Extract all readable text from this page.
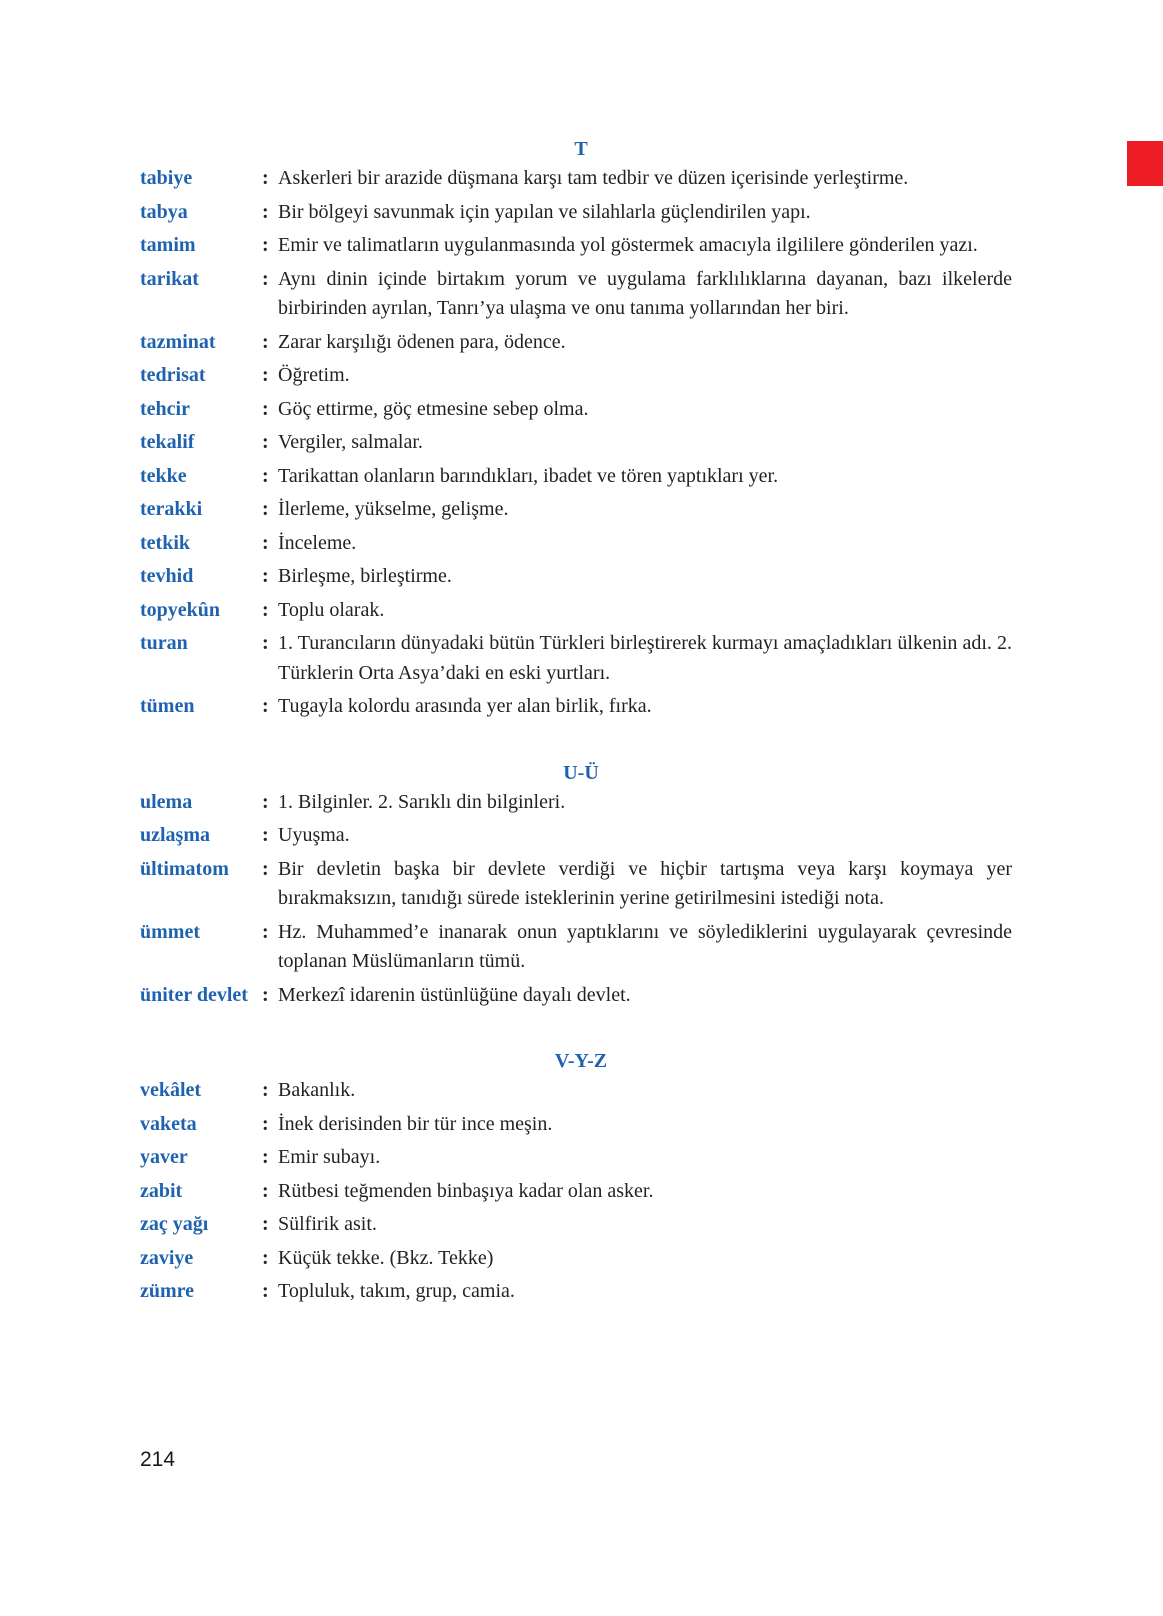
T
tabiye	: Askerleri bir arazide düşmana karşı tam tedbir ve düzen içerisinde yerleştirme.
tabya	: Bir bölgeyi savunmak için yapılan ve silahlarla güçlendirilen yapı.
tamim	: Emir ve talimatların uygulanmasında yol göstermek amacıyla ilgililere gönderilen yazı.
tarikat	: Aynı dinin içinde birtakım yorum ve uygulama farklılıklarına dayanan, bazı ilkelerde birbirinden ayrılan, Tanrı’ya ulaşma ve onu tanıma yollarından her biri.
tazminat	: Zarar karşılığı ödenen para, ödence.
tedrisat	: Öğretim.
tehcir	: Göç ettirme, göç etmesine sebep olma.
tekalif	: Vergiler, salmalar.
tekke	: Tarikattan olanların barındıkları, ibadet ve tören yaptıkları yer.
terakki	: İlerleme, yükselme, gelişme.
tetkik	: İnceleme.
tevhid	: Birleşme, birleştirme.
topyekûn	: Toplu olarak.
turan	: 1. Turancıların dünyadaki bütün Türkleri birleştirerek kurmayı amaçladıkları ülkenin adı. 2. Türklerin Orta Asya’daki en eski yurtları.
tümen	: Tugayla kolordu arasında yer alan birlik, fırka.
U-Ü
ulema	: 1. Bilginler. 2. Sarıklı din bilginleri.
uzlaşma	: Uyuşma.
ültimatom	: Bir devletin başka bir devlete verdiği ve hiçbir tartışma veya karşı koymaya yer bırakmaksızın, tanıdığı sürede isteklerinin yerine getirilmesini istediği nota.
ümmet	: Hz. Muhammed’e inanarak onun yaptıklarını ve söylediklerini uygulayarak çevresinde toplanan Müslümanların tümü.
üniter devlet : Merkezî idarenin üstünlüğüne dayalı devlet.
V-Y-Z
vekâlet	: Bakanlık.
vaketa	: İnek derisinden bir tür ince meşin.
yaver	: Emir subayı.
zabit	: Rütbesi teğmenden binbaşıya kadar olan asker.
zaç yağı	: Sülfirik asit.
zaviye	: Küçük tekke. (Bkz. Tekke)
zümre	: Topluluk, takım, grup, camia.
214
